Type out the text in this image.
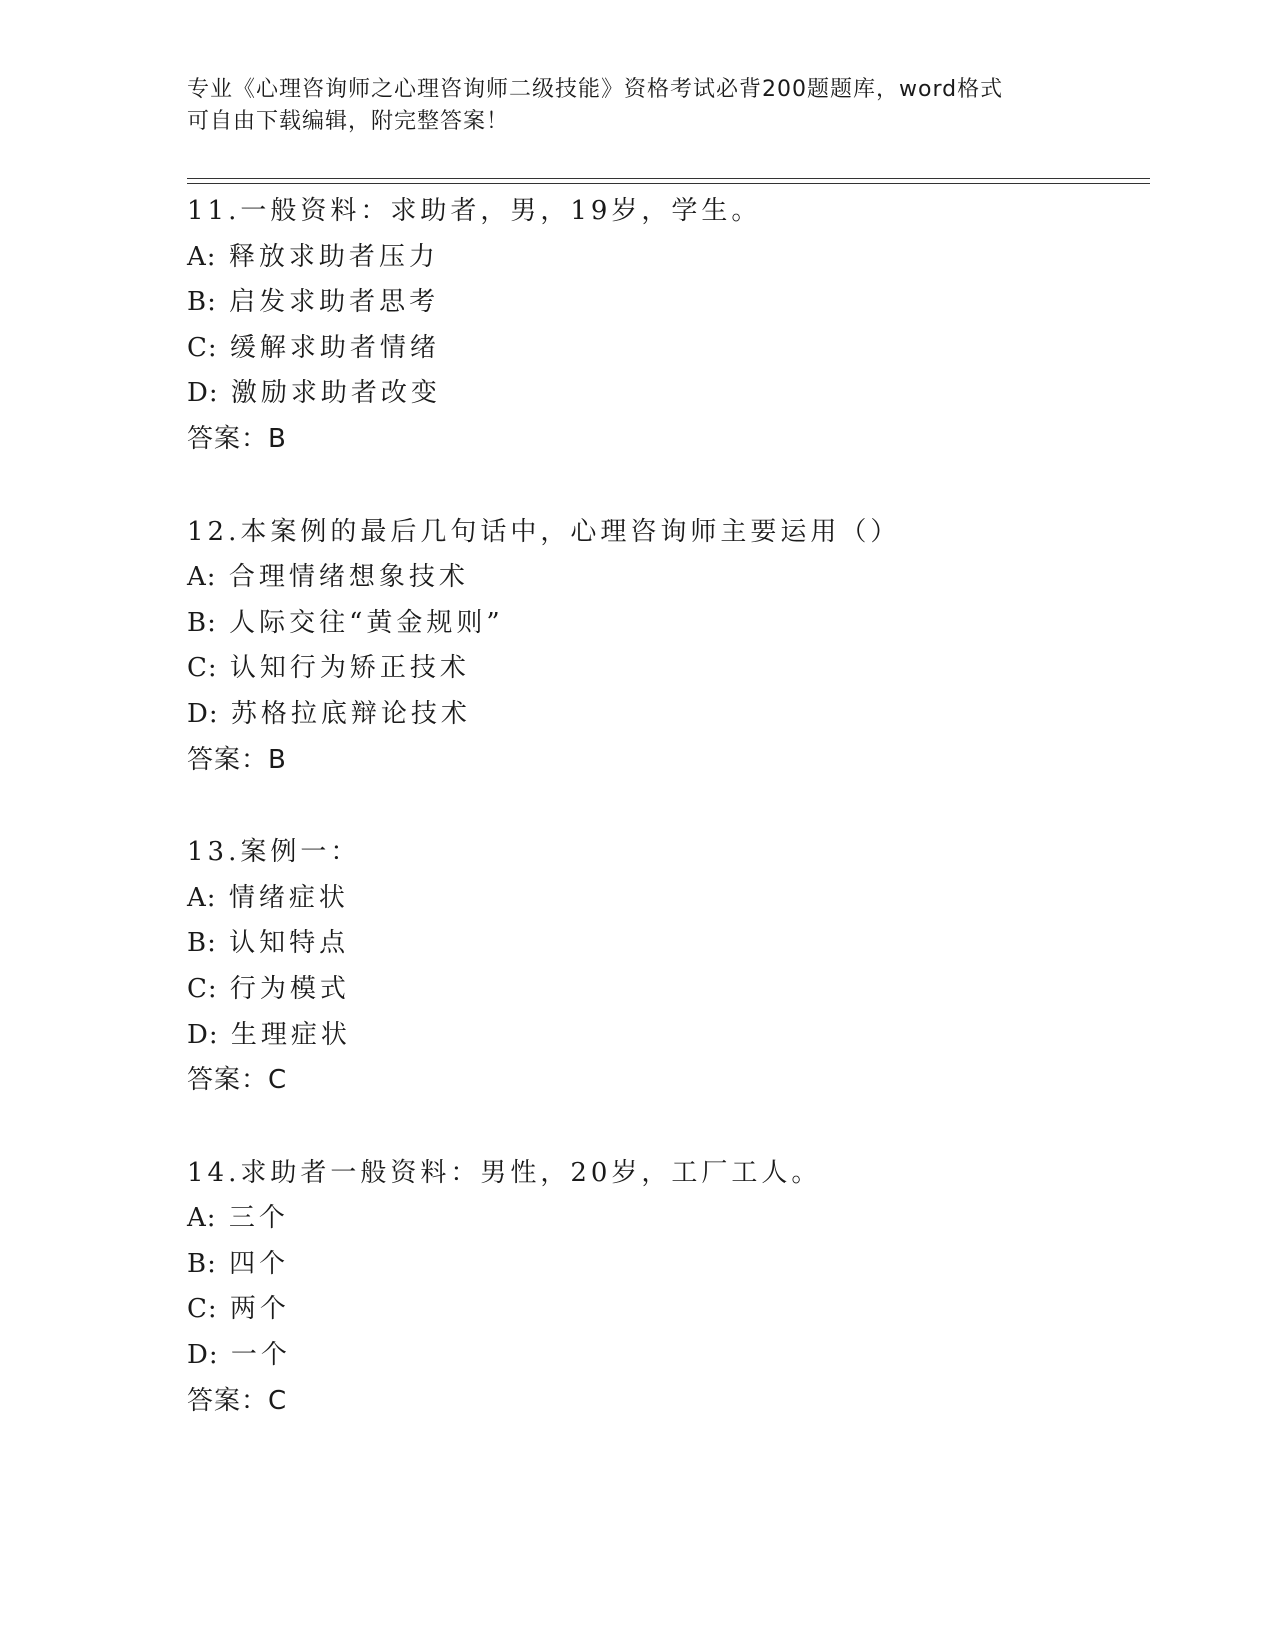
专业《心理咨询师之心理咨询师二级技能》资格考试必背200题题库，word格式
可自由下载编辑，附完整答案！
11.一般资料：求助者，男，19岁，学生。
A: 释放求助者压力
B: 启发求助者思考
C: 缓解求助者情绪
D: 激励求助者改变
答案：B
12.本案例的最后几句话中，心理咨询师主要运用（）
A: 合理情绪想象技术
B: 人际交往“黄金规则”
C: 认知行为矫正技术
D: 苏格拉底辩论技术
答案：B
13.案例一：
A: 情绪症状
B: 认知特点
C: 行为模式
D: 生理症状
答案：C
14.求助者一般资料：男性，20岁，工厂工人。
A: 三个
B: 四个
C: 两个
D: 一个
答案：C
